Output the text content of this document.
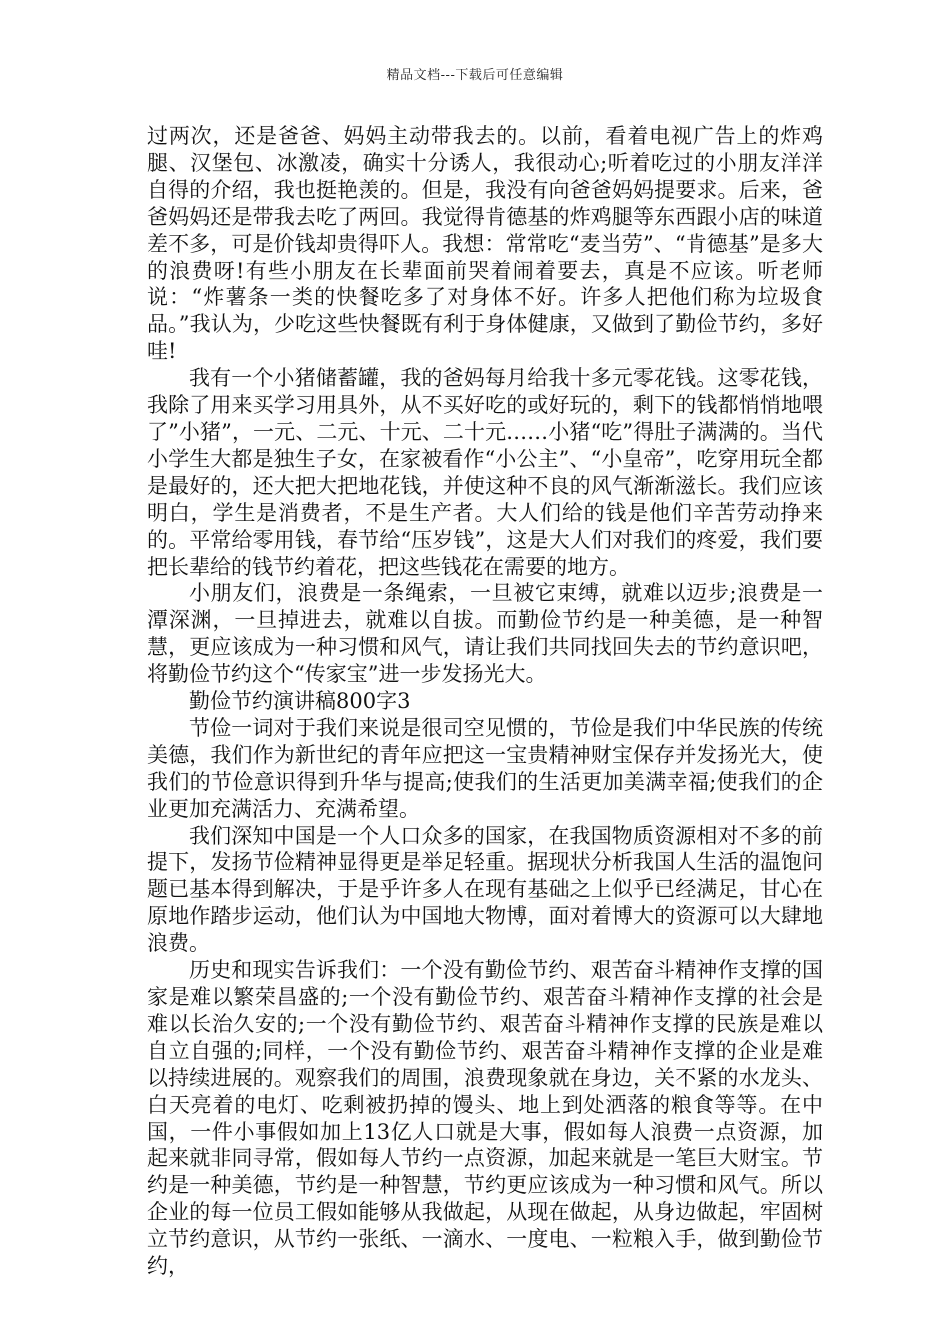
精品文档---下载后可任意编辑

过两次，还是爸爸、妈妈主动带我去的。以前，看着电视广告上的炸鸡腿、汉堡包、冰激凌，确实十分诱人，我很动心;听着吃过的小朋友洋洋自得的介绍，我也挺艳羡的。但是，我没有向爸爸妈妈提要求。后来，爸爸妈妈还是带我去吃了两回。我觉得肯德基的炸鸡腿等东西跟小店的味道差不多，可是价钱却贵得吓人。我想：常常吃“麦当劳”、“肯德基”是多大的浪费呀!有些小朋友在长辈面前哭着闹着要去，真是不应该。听老师说：“炸薯条一类的快餐吃多了对身体不好。许多人把他们称为垃圾食品。”我认为，少吃这些快餐既有利于身体健康，又做到了勤俭节约，多好哇!

我有一个小猪储蓄罐，我的爸妈每月给我十多元零花钱。这零花钱，我除了用来买学习用具外，从不买好吃的或好玩的，剩下的钱都悄悄地喂了”小猪”，一元、二元、十元、二十元……小猪“吃”得肚子满满的。当代小学生大都是独生子女，在家被看作“小公主”、“小皇帝”，吃穿用玩全都是最好的，还大把大把地花钱，并使这种不良的风气渐渐滋长。我们应该明白，学生是消费者，不是生产者。大人们给的钱是他们辛苦劳动挣来的。平常给零用钱，春节给“压岁钱”，这是大人们对我们的疼爱，我们要把长辈给的钱节约着花，把这些钱花在需要的地方。

小朋友们，浪费是一条绳索，一旦被它束缚，就难以迈步;浪费是一潭深渊，一旦掉进去，就难以自拔。而勤俭节约是一种美德，是一种智慧，更应该成为一种习惯和风气，请让我们共同找回失去的节约意识吧，将勤俭节约这个“传家宝”进一步发扬光大。

勤俭节约演讲稿800字3

节俭一词对于我们来说是很司空见惯的，节俭是我们中华民族的传统美德，我们作为新世纪的青年应把这一宝贵精神财宝保存并发扬光大，使我们的节俭意识得到升华与提高;使我们的生活更加美满幸福;使我们的企业更加充满活力、充满希望。

我们深知中国是一个人口众多的国家，在我国物质资源相对不多的前提下，发扬节俭精神显得更是举足轻重。据现状分析我国人生活的温饱问题已基本得到解决，于是乎许多人在现有基础之上似乎已经满足，甘心在原地作踏步运动，他们认为中国地大物博，面对着博大的资源可以大肆地浪费。

历史和现实告诉我们：一个没有勤俭节约、艰苦奋斗精神作支撑的国家是难以繁荣昌盛的;一个没有勤俭节约、艰苦奋斗精神作支撑的社会是难以长治久安的;一个没有勤俭节约、艰苦奋斗精神作支撑的民族是难以自立自强的;同样，一个没有勤俭节约、艰苦奋斗精神作支撑的企业是难以持续进展的。观察我们的周围，浪费现象就在身边，关不紧的水龙头、白天亮着的电灯、吃剩被扔掉的馒头、地上到处洒落的粮食等等。在中国，一件小事假如加上13亿人口就是大事，假如每人浪费一点资源，加起来就非同寻常，假如每人节约一点资源，加起来就是一笔巨大财宝。节约是一种美德，节约是一种智慧，节约更应该成为一种习惯和风气。所以企业的每一位员工假如能够从我做起，从现在做起，从身边做起，牢固树立节约意识，从节约一张纸、一滴水、一度电、一粒粮入手，做到勤俭节约，
